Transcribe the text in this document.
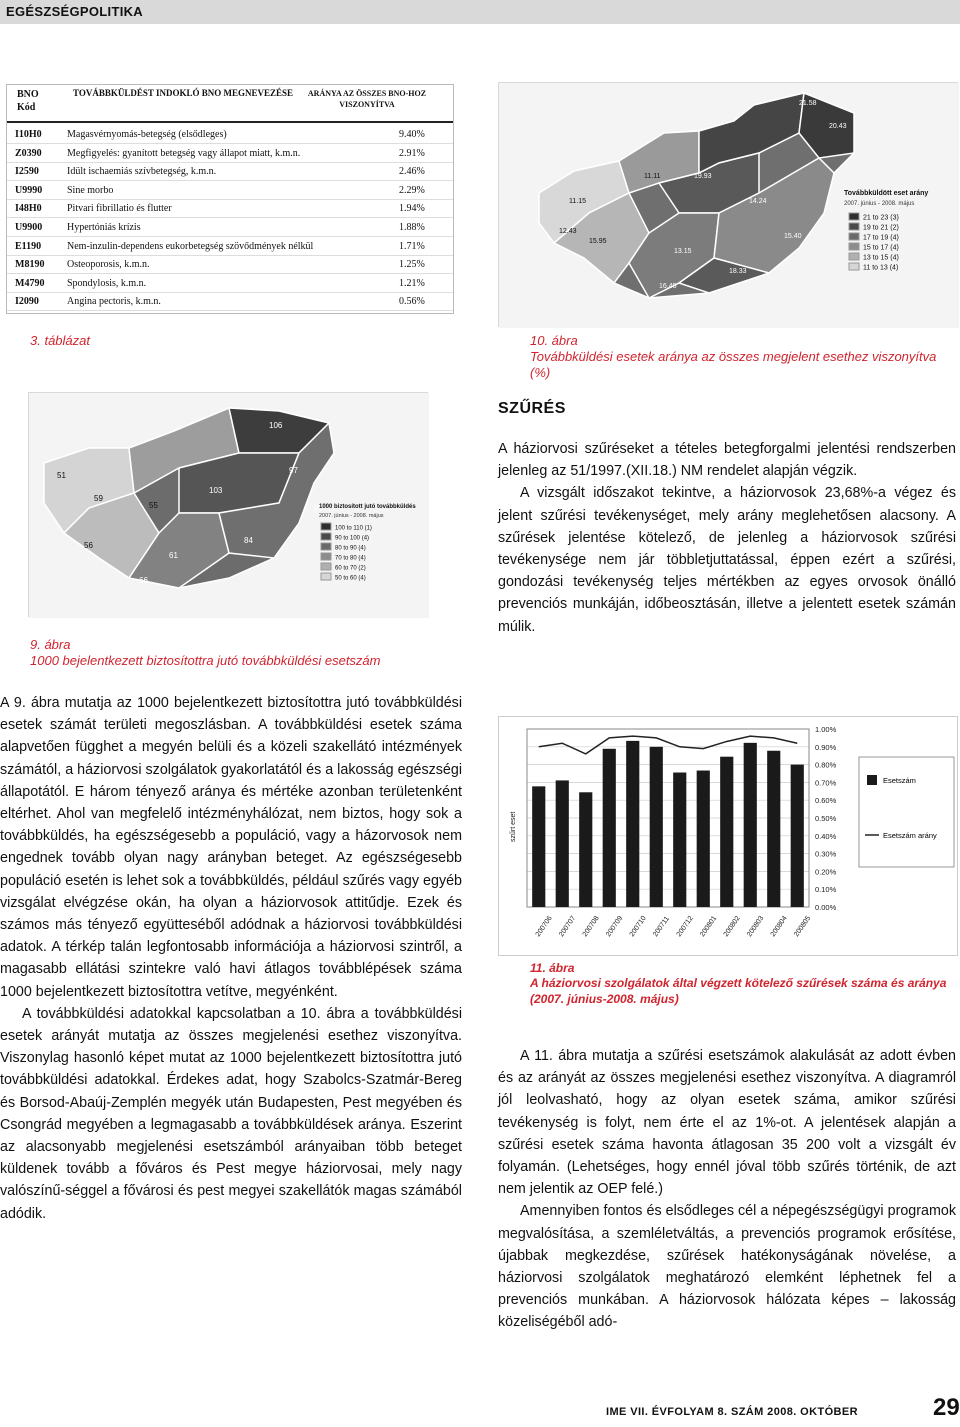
EGÉSZSÉGPOLITIKA
BNO Kód
TOVÁBBKÜLDÉST INDOKLÓ BNO MEGNEVEZÉSE ARÁNYA AZ ÖSSZES BNO-HOZ VISZONYÍTVA
I10H0	Magasvérnyomás-betegség (elsődleges)	9.40%
Z0390	Megfigyelés: gyanított betegség vagy állapot miatt, k.m.n.	2.91%
I2590	Idült ischaemiás szívbetegség, k.m.n.	2.46%
U9990 Sine morbo	2.29%
I48H0	Pitvari fibrillatio és flutter	1.94%
U9900 Hypertóniás krízis	1.88%
E1190	Nem-inzulin-dependens eukorbetegség szövődmények nélkül	1.71%
M8190 Osteoporosis, k.m.n.	1.25%
M4790 Spondylosis, k.m.n.	1.21%
I2090	Angina pectoris, k.m.n.	0.56%
3. táblázat
21.58
20.43
19.93
11.15
11.11
14.24
15.95
13.15
18.33
16.45
15.40
12.43
Továbbküldött eset arány
2007. június - 2008. május
21 to 23 (3)
19 to 21 (2)
17 to 19 (4)
15 to 17 (4)
13 to 15 (4)
11 to 13 (4)
10. ábra
Továbbküldési esetek aránya az összes megjelent esethez viszonyítva (%)
SZŰRÉS
51
59
55
106
103
97
56
61
84
66
80
1000 biztosított jutó továbbküldés
2007. június - 2008. május
100 to 110 (1)
90 to 100 (4)
80 to 90 (4)
70 to 80 (4)
60 to 70 (2)
50 to 60 (4)
9. ábra
1000 bejelentkezett biztosítottra jutó továbbküldési esetszám

A háziorvosi szűréseket a tételes betegforgalmi jelentési rendszerben jelenleg az 51/1997.(XII.18.) NM rendelet alapján végzik.

A vizsgált időszakot tekintve, a háziorvosok 23,68%-a végez és jelent szűrési tevékenységet, mely arány meglehetősen alacsony. A szűrések jelentése kötelező, de jelenleg a háziorvosok szűrési tevékenysége nem jár többletjuttatással, éppen ezért a szűrési, gondozási tevékenység teljes mértékben az egyes orvosok önálló prevenciós munkáján, időbeosztásán, illetve a jelentett esetek számán múlik.

A 9. ábra mutatja az 1000 bejelentkezett biztosítottra jutó továbbküldési esetek számát területi megoszlásban. A továbbküldési esetek száma alapvetően függhet a megyén belüli és a közeli szakellátó intézmények számától, a háziorvosi szolgálatok gyakorlatától és a lakosság egészségi állapotától. E három tényező aránya és mértéke azonban területenként eltérhet. Ahol van megfelelő intézményhálózat, nem biztos, hogy sok a továbbküldés, ha egészségesebb a populáció, vagy a házorvosok nem engednek tovább olyan nagy arányban beteget. Az egészségesebb populáció esetén is lehet sok a továbbküldés, például szűrés vagy egyéb vizsgálat elvégzése okán, ha olyan a háziorvosok attitűdje. Ezek és számos más tényező együtteséből adódnak a háziorvosi továbbküldési adatok. A térkép talán legfontosabb információja a háziorvosi szintről, a magasabb ellátási szintekre való havi átlagos továbblépések száma 1000 bejelentkezett biztosítottra vetítve, megyénként.

A továbbküldési adatokkal kapcsolatban a 10. ábra a továbbküldési esetek arányát mutatja az összes megjelenési esethez viszonyítva. Viszonylag hasonló képet mutat az 1000 bejelentkezett biztosítottra jutó továbbküldési adatokkal. Érdekes adat, hogy Szabolcs-Szatmár-Bereg és Borsod-Abaúj-Zemplén megyék után Budapesten, Pest megyében és Csongrád megyében a legmagasabb a továbbküldések aránya. Eszerint az alacsonyabb megjelenési esetszámból arányaiban több beteget küldenek tovább a főváros és Pest megye háziorvosai, mely nagy valószínű-séggel a fővárosi és pest megyei szakellátók magas számából adódik.

1.00%
0.90%
0.80%
0.70%
0.60%
0.50%
0.40%
0.30%
0.20%
0.10%
0.00%
200706 200707 200708 200709 200710 200711 200712 200801 200802 200803 200804 200805
szűrt eset
Esetszám
Esetszám arány
11. ábra
A háziorvosi szolgálatok által végzett kötelező szűrések száma és aránya (2007. június-2008. május)

A 11. ábra mutatja a szűrési esetszámok alakulását az adott évben és az arányát az összes megjelenési esethez viszonyítva. A diagramról jól leolvasható, hogy az olyan esetek száma, amikor szűrési tevékenység is folyt, nem érte el az 1%-ot. A jelentések alapján a szűrési esetek száma havonta átlagosan 35 200 volt a vizsgált év folyamán. (Lehetséges, hogy ennél jóval több szűrés történik, de azt nem jelentik az OEP felé.)

Amennyiben fontos és elsődleges cél a népegészségügyi programok megvalósítása, a szemléletváltás, a prevenciós programok erősítése, újabbak megkezdése, szűrések hatékonyságának növelése, a háziorvosi szolgálatok meghatározó elemként léphetnek fel a prevenciós munkában. A háziorvosok hálózata képes – lakosság közeliségéből adó-

IME VII. ÉVFOLYAM 8. SZÁM 2008. OKTÓBER	29
